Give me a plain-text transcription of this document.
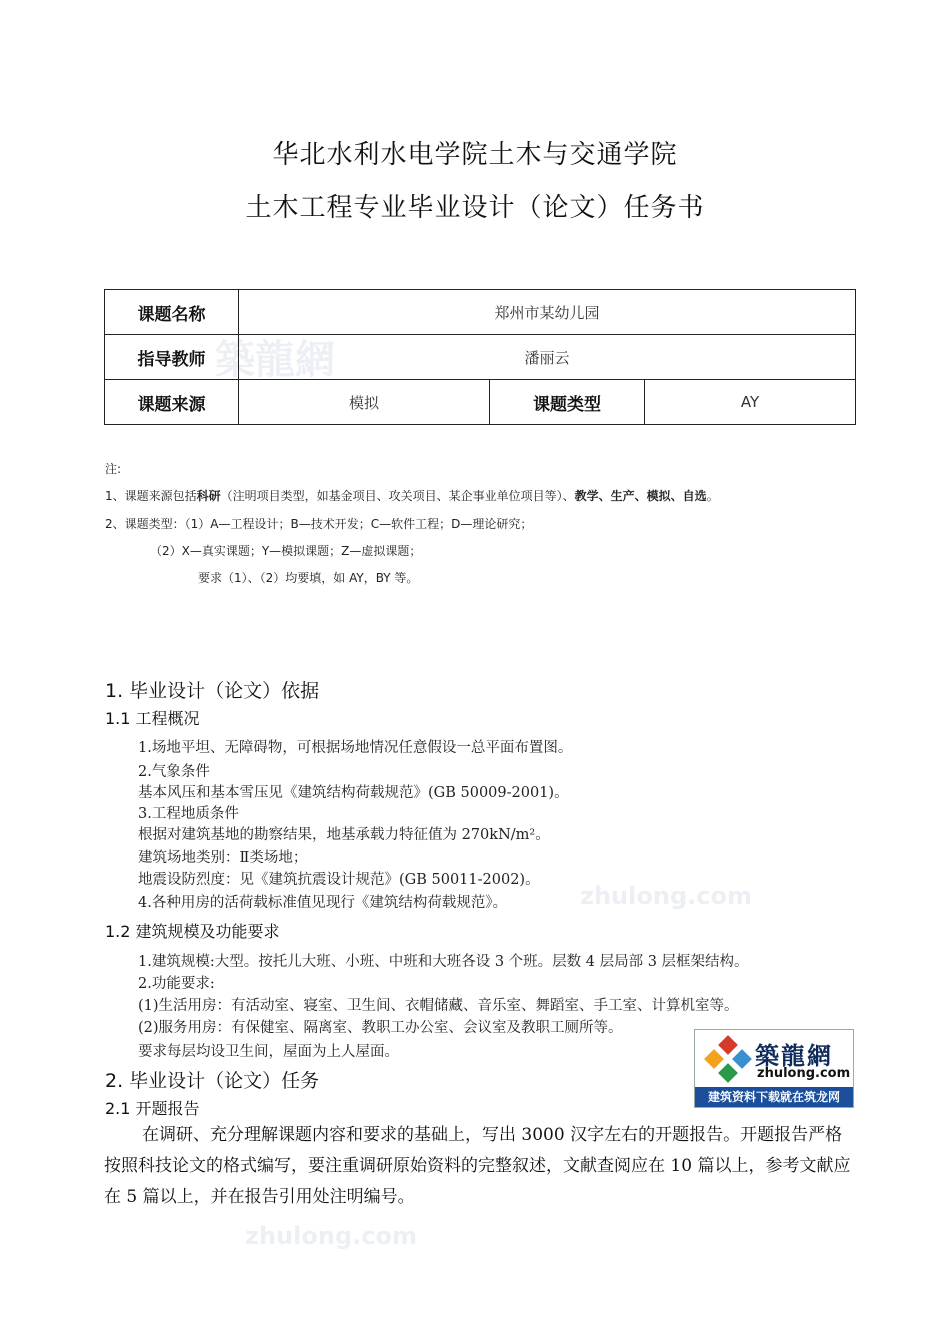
築龍網
zhulong.com
zhulong.com
华北水利水电学院土木与交通学院
土木工程专业毕业设计（论文）任务书
课题名称	郑州市某幼儿园		
指导教师	潘丽云		
课题来源	模拟	课题类型	AY
注:
1、课题来源包括科研（注明项目类型，如基金项目、攻关项目、某企事业单位项目等）、教学、生产、模拟、自选。
2、课题类型：（1）A—工程设计；B—技术开发；C—软件工程；D—理论研究；
（2）X—真实课题；Y—模拟课题；Z—虚拟课题；
要求（1）、（2）均要填，如 AY，BY 等。
1. 毕业设计（论文）依据
1.1 工程概况
1.场地平坦、无障碍物，可根据场地情况任意假设一总平面布置图。
2.气象条件
基本风压和基本雪压见《建筑结构荷载规范》(GB 50009-2001)。
3.工程地质条件
根据对建筑基地的勘察结果，地基承载力特征值为 270kN/m²。
建筑场地类别：Ⅱ类场地；
地震设防烈度：见《建筑抗震设计规范》(GB 50011-2002)。
4.各种用房的活荷载标准值见现行《建筑结构荷载规范》。
1.2 建筑规模及功能要求
1.建筑规模:大型。按托儿大班、小班、中班和大班各设 3 个班。层数 4 层局部 3 层框架结构。
2.功能要求:
(1)生活用房：有活动室、寝室、卫生间、衣帽储藏、音乐室、舞蹈室、手工室、计算机室等。
(2)服务用房：有保健室、隔离室、教职工办公室、会议室及教职工厕所等。
要求每层均设卫生间，屋面为上人屋面。
2. 毕业设计（论文）任务
2.1 开题报告
在调研、充分理解课题内容和要求的基础上，写出 3000 汉字左右的开题报告。开题报告严格按照科技论文的格式编写，要注重调研原始资料的完整叙述，文献查阅应在 10 篇以上，参考文献应在 5 篇以上，并在报告引用处注明编号。
築龍網
zhulong.com
建筑资料下载就在筑龙网
